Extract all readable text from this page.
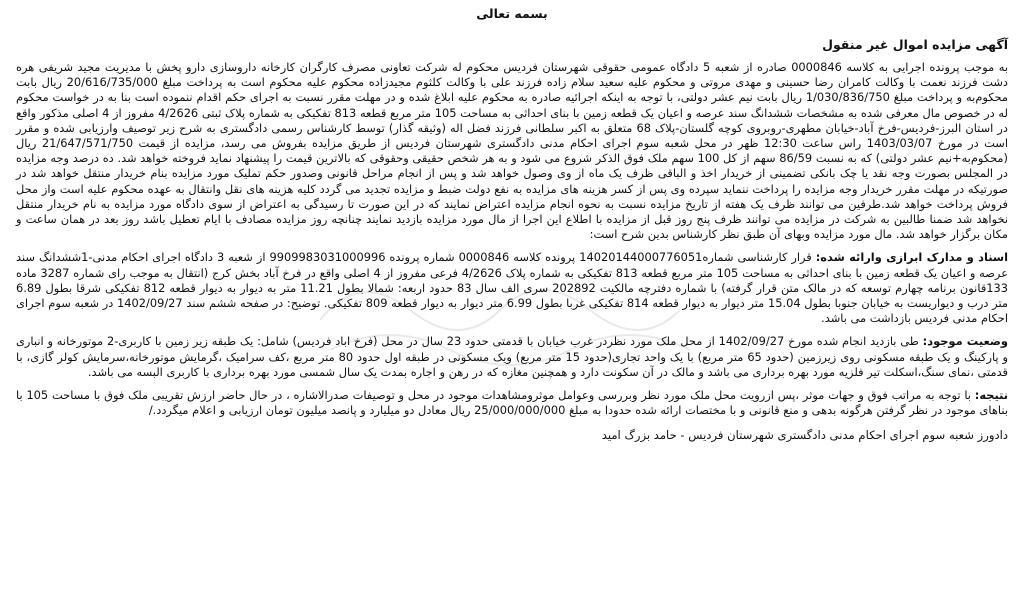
بسمه تعالی
آگهی مزایده اموال غیر منقول

به موجب پرونده اجرایی به کلاسه 0000846 صادره از شعبه 5 دادگاه عمومی حقوقی شهرستان فردیس محکوم له شرکت تعاونی مصرف کارگران کارخانه داروسازی دارو پخش با مدیریت مجید شریفی هره دشت فرزند نعمت با وکالت کامران رضا حسینی و مهدی مروتی و محکوم علیه سعید سلام زاده فرزند علی با وکالت کلثوم مجیدزاده محکوم علیه محکوم است به پرداخت مبلغ 20/616/735/000 ریال بابت محکوم‌به و پرداخت مبلغ 1/030/836/750 ریال بابت نیم عشر دولتی، با توجه به اینکه اجرائیه صادره به محکوم علیه ابلاغ شده و در مهلت مقرر نسبت به اجرای حکم اقدام ننموده است بنا به در خواست محکوم له در خصوص مال معرفی شده به مشخصات ششدانگ سند عرصه و اعیان یک قطعه زمین با بنای احداثی به مساحت 105 متر مربع قطعه 813 تفکیکی به شماره پلاک ثبتی 4/2626 مفروز از 4 اصلی مذکور واقع در استان البرز-فردیس-فرخ آباد-خیابان مطهری-روبروی کوچه گلستان-پلاک 68 متعلق به اکبر سلطانی فرزند فضل اله (وثیقه گذار) توسط کارشناس رسمی دادگستری به شرح زیر توصیف وارزیابی شده و مقرر است در مورخ 1403/03/07 راس ساعت 12:30 ظهر در محل شعبه سوم اجرای احکام مدنی دادگستری شهرستان فردیس از طریق مزایده بفروش می رسد، مزایده از قیمت 21/647/571/750 ریال (محکوم‌به+نیم عشر دولتی) که به نسبت 86/59 سهم از کل 100 سهم ملک فوق الذکر شروع می شود و به هر شخص حقیقی وحقوقی که بالاترین قیمت را پیشنهاد نماید فروخته خواهد شد. ده درصد وجه مزایده در المجلس بصورت وجه نقد یا چک بانکی تضمینی از خریدار اخذ و الباقی ظرف یک ماه از وی وصول خواهد شد و پس از انجام مراحل قانونی وصدور حکم تملیک مورد مزایده بنام خریدار منتقل خواهد شد در صورتیکه در مهلت مقرر خریدار وجه مزایده را پرداخت ننماید سپرده وی پس از کسر هزینه های مزایده به نفع دولت ضبط و مزایده تجدید می گردد کلیه هزینه های نقل وانتقال به عهده محکوم علیه است واز محل فروش پرداخت خواهد شد.طرفین می توانند ظرف یک هفته از تاریخ مزایده نسبت به نحوه انجام مزایده اعتراض نمایند که در این صورت تا رسیدگی به اعتراض از سوی دادگاه مورد مزایده به نام خریدار منتقل نخواهد شد ضمنا طالبین به شرکت در مزایده می توانند ظرف پنج روز قبل از مزایده با اطلاع این اجرا از مال مورد مزایده بازدید نمایند چنانچه روز مزایده مصادف با ایام تعطیل باشد روز بعد در همان ساعت و مکان برگزار خواهد شد. مال مورد مزایده وبهای آن طبق نظر کارشناس بدین شرح است:

اسناد و مدارک ابرازی وارائه شده: قرار کارشناسی شماره14020144000776051 پرونده کلاسه 0000846 شماره پرونده 9909983031000996 از شعبه 3 دادگاه اجرای احکام مدنی-1ششدانگ سند عرصه و اعیان یک قطعه زمین با بنای احداثی به مساحت 105 متر مربع قطعه 813 تفکیکی به شماره پلاک 4/2626 فرعی مفروز از 4 اصلی واقع در فرخ آباد بخش کرج (انتقال به موجب رای شماره 3287 ماده 133قانون برنامه چهارم توسعه که در مالک متن قرار گرفته) با شماره دفترچه مالکیت 202892 سری الف سال 83 حدود اربعه: شمالا بطول 11.21 متر به دیوار به دیوار قطعه 812 تفکیکی شرقا بطول 6.89 متر درب و دیواریست به خیابان جنوبا بطول 15.04 متر دیوار به دیوار قطعه 814 تفکیکی غربا بطول 6.99 متر دیوار به دیوار قطعه 809 تفکیکی. توضیح: در صفحه ششم سند 1402/09/27 در شعبه سوم اجرای احکام مدنی فردیس بازداشت می باشد.

وضعیت موجود: طی بازدید انجام شده مورخ 1402/09/27 از محل ملک مورد نظردر غرب خیابان با قدمتی حدود 23 سال در محل (فرخ اباد فردیس) شامل: یک طبقه زیر زمین با کاربری-2 موتورخانه و انباری و پارکینگ و یک طبقه مسکونی روی زیرزمین (حدود 65 متر مربع) با یک واحد تجاری(حدود 15 متر مربع) ویک مسکونی در طبقه اول حدود 80 متر مربع ،کف سرامیک ،گرمایش موتورخانه،سرمایش کولر گازی، با قدمتی ،نمای سنگ،اسکلت تیر فلزیه مورد بهره برداری می باشد و مالک در آن سکونت دارد و همچنین مغازه که در رهن و اجاره بمدت یک سال شمسی مورد بهره برداری با کاربری البسه می باشد.

نتیجه: با توجه به مراتب فوق و جهات موثر ،پس ازرویت محل ملک مورد نظر وبررسی وعوامل موثرومشاهدات موجود در محل و توصیفات صدرالاشاره ، در حال حاضر ارزش تقریبی ملک فوق با مساحت 105 با بناهای موجود در نظر گرفتن هرگونه بدهی و منع قانونی و با مختصات ارائه شده حدودا به مبلغ 25/000/000/000 ریال معادل دو میلیارد و پانصد میلیون تومان ارزیابی و اعلام میگردد./

دادورز شعبه سوم اجرای احکام مدنی دادگستری شهرستان فردیس - حامد بزرگ امید
